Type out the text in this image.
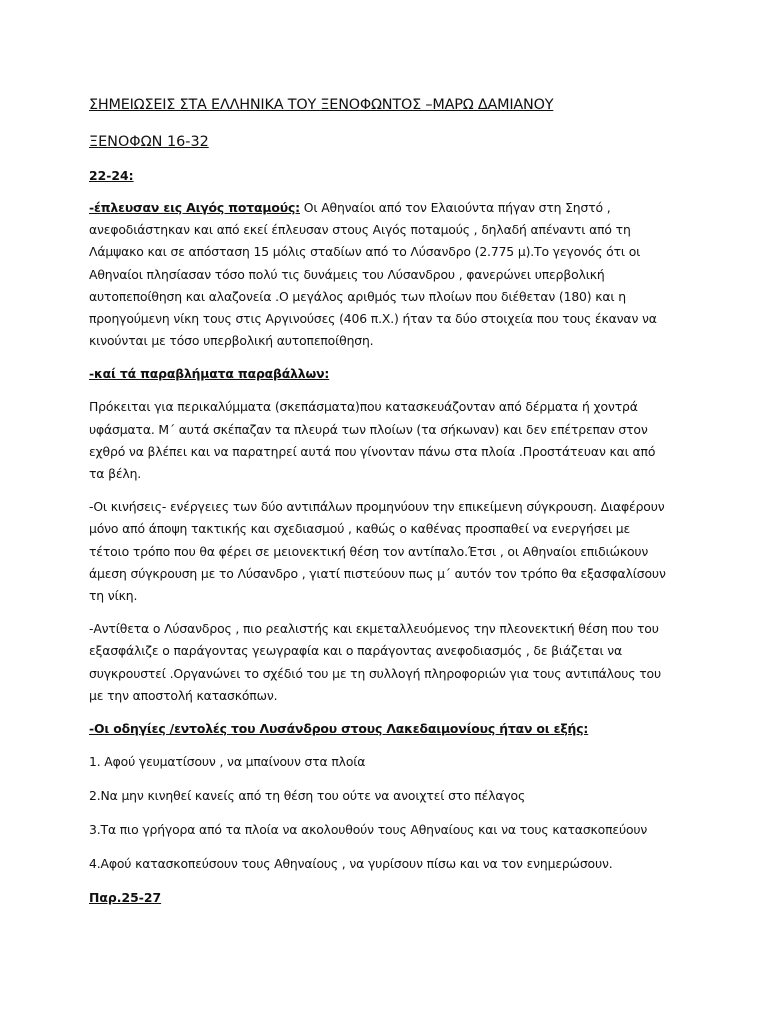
ΣΗΜΕΙΩΣΕΙΣ ΣΤΑ ΕΛΛΗΝΙΚΑ ΤΟΥ ΞΕΝΟΦΩΝΤΟΣ –ΜΑΡΩ ΔΑΜΙΑΝΟΥ
ΞΕΝΟΦΩΝ 16-32
22-24:
-έπλευσαν εις Αιγός ποταμούς: Οι Αθηναίοι από τον Ελαιούντα πήγαν στη Σηστό , ανεφοδιάστηκαν και από εκεί έπλευσαν στους Αιγός ποταμούς , δηλαδή απέναντι από τη Λάμψακο και σε απόσταση 15 μόλις σταδίων από το Λύσανδρο (2.775 μ).Το γεγονός ότι οι Αθηναίοι πλησίασαν τόσο πολύ τις δυνάμεις του Λύσανδρου , φανερώνει υπερβολική αυτοπεποίθηση και αλαζονεία .Ο μεγάλος αριθμός των πλοίων που διέθεταν (180) και η προηγούμενη νίκη τους στις Αργινούσες (406 π.Χ.) ήταν τα δύο στοιχεία που τους έκαναν να κινούνται με τόσο υπερβολική αυτοπεποίθηση.
-καί τά παραβλήματα παραβάλλων:
Πρόκειται για περικαλύμματα (σκεπάσματα)που κατασκευάζονταν από δέρματα ή χοντρά υφάσματα. Μ΄ αυτά σκέπαζαν τα πλευρά των πλοίων (τα σήκωναν) και δεν επέτρεπαν στον εχθρό να βλέπει και να παρατηρεί αυτά που γίνονταν πάνω στα πλοία .Προστάτευαν και από τα βέλη.
-Οι κινήσεις- ενέργειες των δύο αντιπάλων προμηνύουν την επικείμενη σύγκρουση. Διαφέρουν μόνο από άποψη τακτικής και σχεδιασμού , καθώς ο καθένας προσπαθεί να ενεργήσει με τέτοιο τρόπο που θα φέρει σε μειονεκτική θέση τον αντίπαλο.Έτσι , οι Αθηναίοι επιδιώκουν άμεση σύγκρουση με το Λύσανδρο , γιατί πιστεύουν πως μ΄ αυτόν τον τρόπο θα εξασφαλίσουν τη νίκη.
-Αντίθετα ο Λύσανδρος , πιο ρεαλιστής και εκμεταλλευόμενος την πλεονεκτική θέση που του εξασφάλιζε ο παράγοντας γεωγραφία και ο παράγοντας ανεφοδιασμός , δε βιάζεται να συγκρουστεί .Οργανώνει το σχέδιό του με τη συλλογή πληροφοριών για τους αντιπάλους του με την αποστολή κατασκόπων.
-Οι οδηγίες /εντολές του Λυσάνδρου στους Λακεδαιμονίους ήταν οι εξής:
1. Αφού γευματίσουν , να μπαίνουν στα πλοία
2.Να μην κινηθεί κανείς από τη θέση του ούτε να ανοιχτεί στο πέλαγος
3.Τα πιο γρήγορα από τα πλοία να ακολουθούν τους Αθηναίους και να τους κατασκοπεύουν
4.Αφού κατασκοπεύσουν τους Αθηναίους , να γυρίσουν πίσω και να τον ενημερώσουν.
Παρ.25-27
